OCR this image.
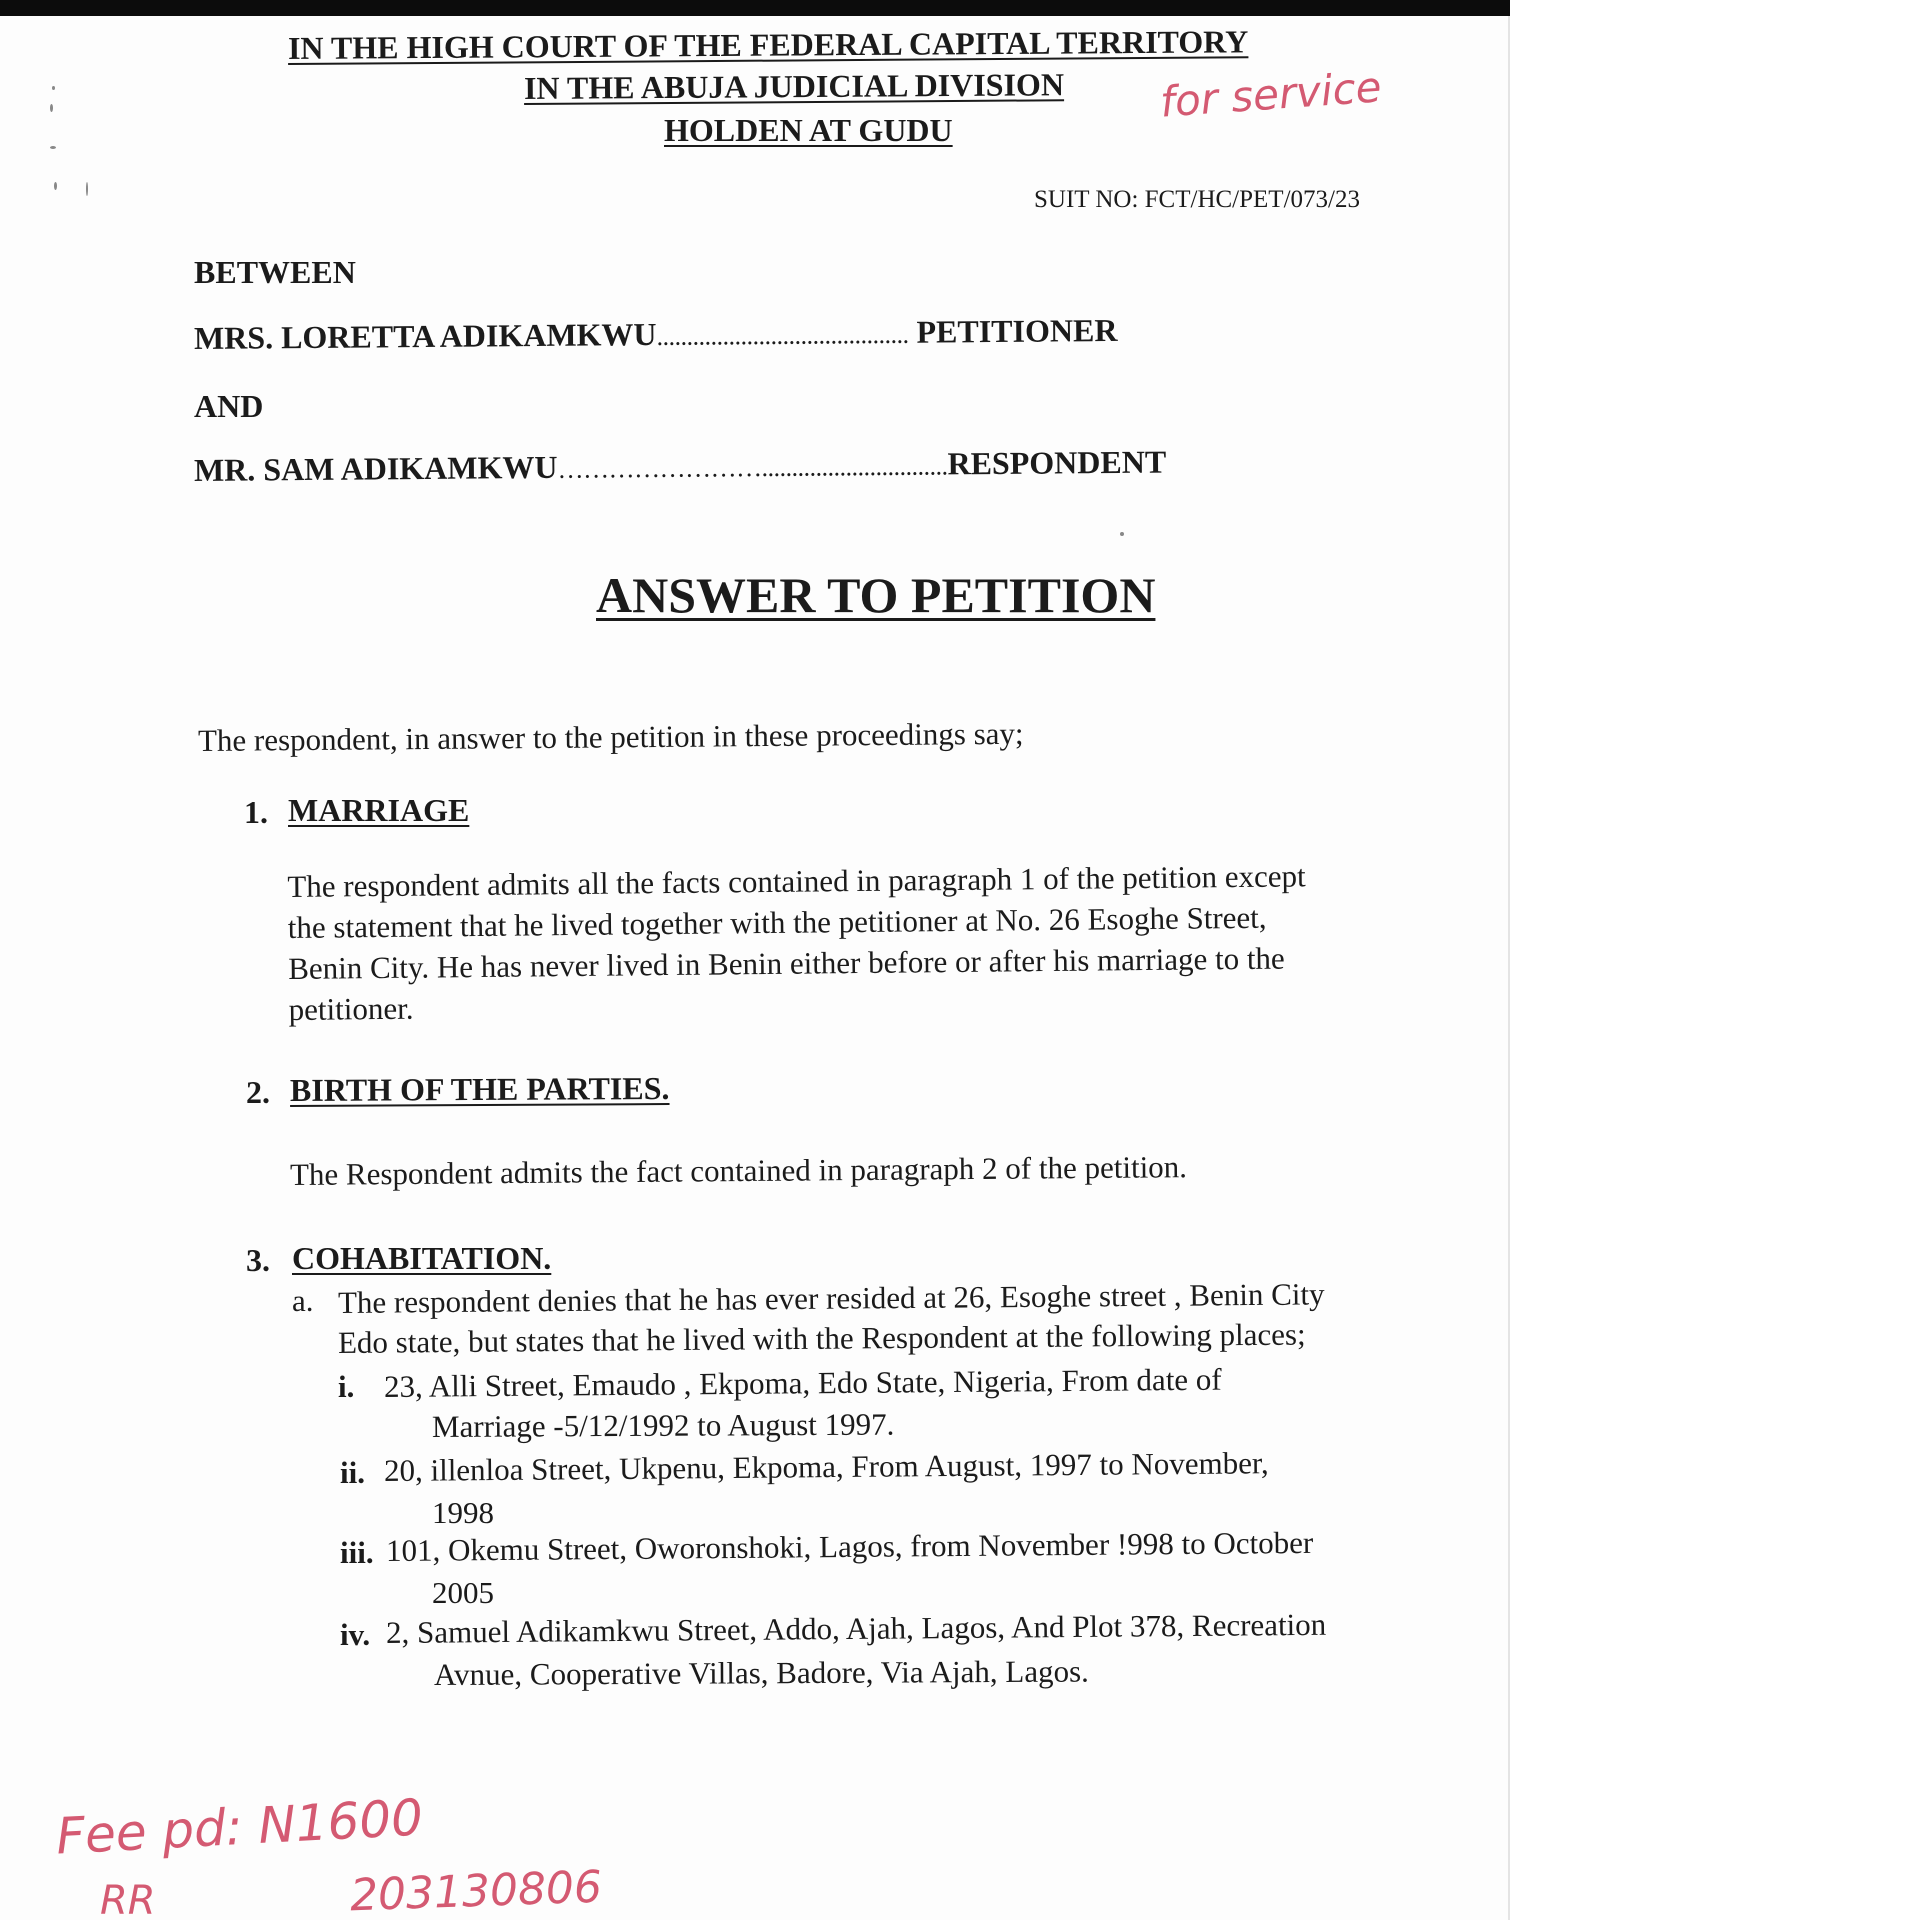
IN THE HIGH COURT OF THE FEDERAL CAPITAL TERRITORY
IN THE ABUJA JUDICIAL DIVISION
HOLDEN AT GUDU
for service
SUIT NO: FCT/HC/PET/073/23
BETWEEN
MRS. LORETTA ADIKAMKWU.......................................... PETITIONER
AND
MR. SAM ADIKAMKWU……………………...............................RESPONDENT
ANSWER TO PETITION
The respondent, in answer to the petition in these proceedings say;
1. MARRIAGE
The respondent admits all the facts contained in paragraph 1 of the petition except
the statement that he lived together with the petitioner at No. 26 Esoghe Street,
Benin City. He has never lived in Benin either before or after his marriage to the
petitioner.
2. BIRTH OF THE PARTIES.
The Respondent admits the fact contained in paragraph 2 of the petition.
3. COHABITATION.
a. The respondent denies that he has ever resided at 26, Esoghe street , Benin City
Edo state, but states that he lived with the Respondent at the following places;
i. 23, Alli Street, Emaudo , Ekpoma, Edo State, Nigeria, From date of
Marriage -5/12/1992 to August 1997.
ii. 20, illenloa Street, Ukpenu, Ekpoma, From August, 1997 to November,
1998
iii. 101, Okemu Street, Oworonshoki, Lagos, from November !998 to October
2005
iv. 2, Samuel Adikamkwu Street, Addo, Ajah, Lagos, And Plot 378, Recreation
Avnue, Cooperative Villas, Badore, Via Ajah, Lagos.
Fee pd: N1600
203130806
RR
